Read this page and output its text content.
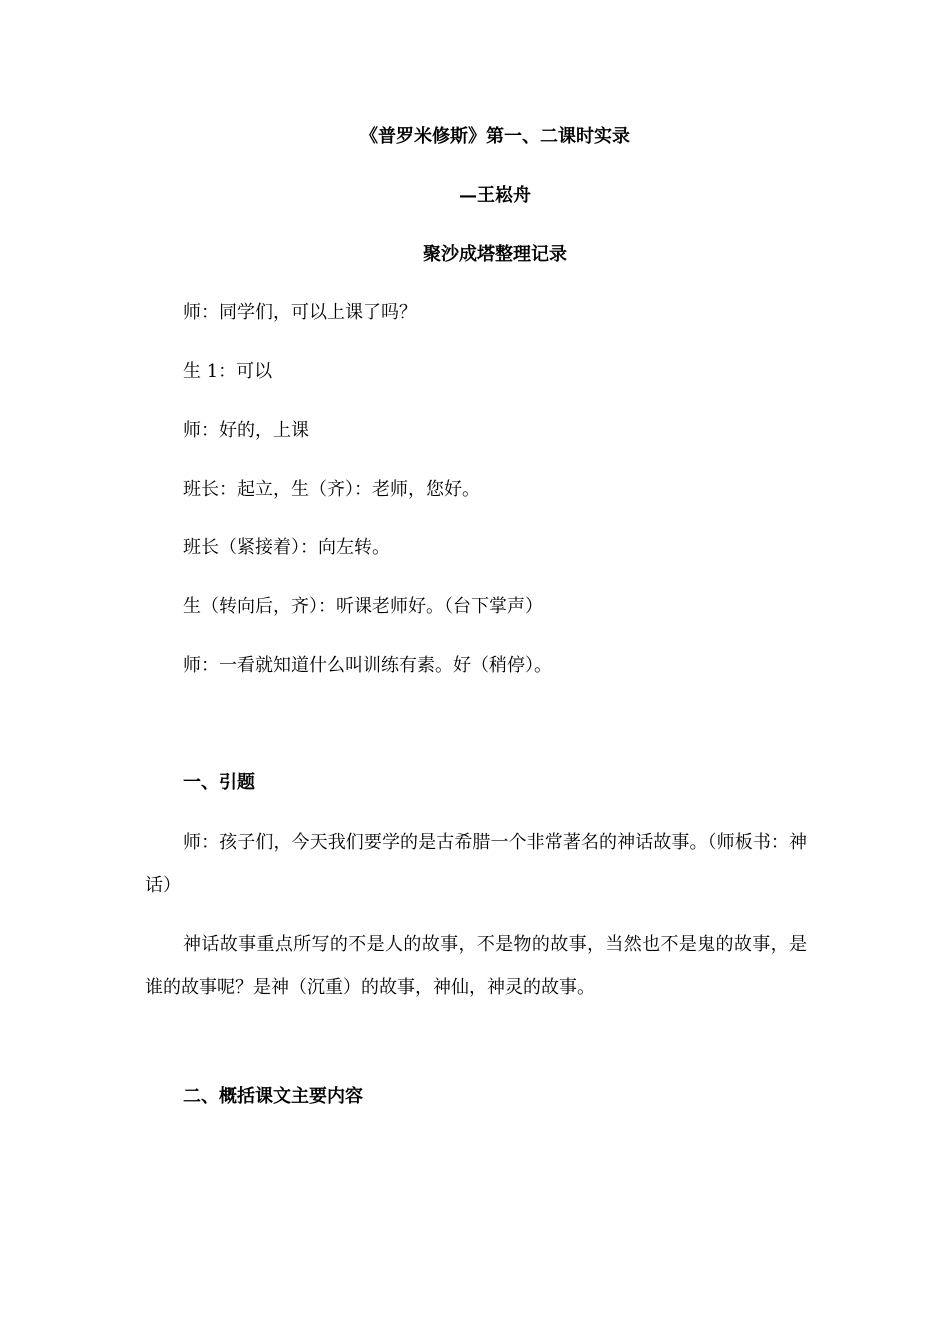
《普罗米修斯》第一、二课时实录
—王崧舟
聚沙成塔整理记录
师：同学们，可以上课了吗？
生 1：可以
师：好的，上课
班长：起立，生（齐）：老师，您好。
班长（紧接着）：向左转。
生（转向后，齐）：听课老师好。（台下掌声）
师：一看就知道什么叫训练有素。好（稍停）。
一、引题
师：孩子们，今天我们要学的是古希腊一个非常著名的神话故事。（师板书：神话）
神话故事重点所写的不是人的故事，不是物的故事，当然也不是鬼的故事，是谁的故事呢？是神（沉重）的故事，神仙，神灵的故事。
二、概括课文主要内容
